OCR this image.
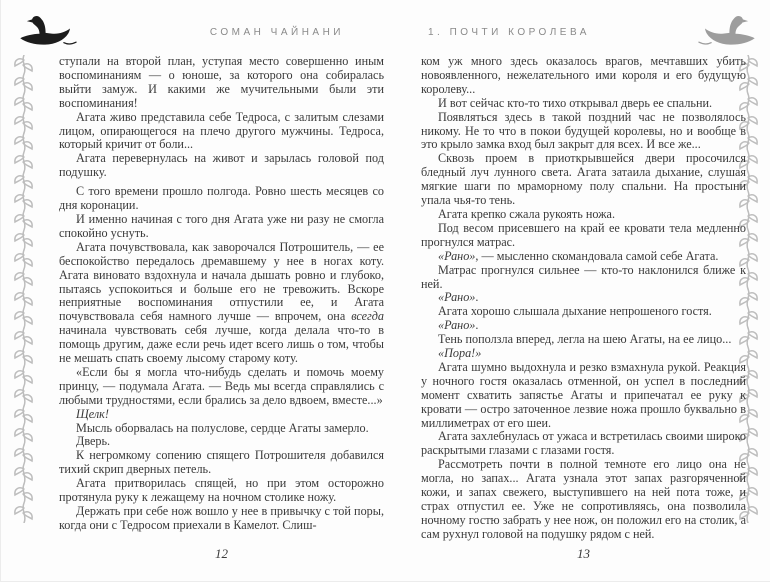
СОМАН ЧАЙНАНИ

ступали на второй план, уступая место совершенно иным воспоминаниям — о юноше, за которого она собиралась выйти замуж. И какими же мучительными были эти воспоминания!

Агата живо представила себе Тедроса, с залитым слезами лицом, опирающегося на плечо другого мужчины. Тедроса, который кричит от боли...

Агата перевернулась на живот и зарылась головой под подушку.

С того времени прошло полгода. Ровно шесть месяцев со дня коронации.

И именно начиная с того дня Агата уже ни разу не смогла спокойно уснуть.

Агата почувствовала, как заворочался Потрошитель, — ее беспокойство передалось дремавшему у нее в ногах коту. Агата виновато вздохнула и начала дышать ровно и глубоко, пытаясь успокоиться и больше его не тревожить. Вскоре неприятные воспоминания отпустили ее, и Агата почувствовала себя намного лучше — впрочем, она всегда начинала чувствовать себя лучше, когда делала что-то в помощь другим, даже если речь идет всего лишь о том, чтобы не мешать спать своему лысому старому коту.

«Если бы я могла что-нибудь сделать и помочь моему принцу, — подумала Агата. — Ведь мы всегда справлялись с любыми трудностями, если брались за дело вдвоем, вместе...»

Щелк!

Мысль оборвалась на полуслове, сердце Агаты замерло.

Дверь.

К негромкому сопению спящего Потрошителя добавился тихий скрип дверных петель.

Агата притворилась спящей, но при этом осторожно протянула руку к лежащему на ночном столике ножу.

Держать при себе нож вошло у нее в привычку с той поры, когда они с Тедросом приехали в Камелот. Слиш-

12
1. ПОЧТИ КОРОЛЕВА

ком уж много здесь оказалось врагов, мечтавших убить новоявленного, нежелательного ими короля и его будущую королеву...

И вот сейчас кто-то тихо открывал дверь ее спальни.

Появляться здесь в такой поздний час не позволялось никому. Не то что в покои будущей королевы, но и вообще в это крыло замка вход был закрыт для всех. И все же...

Сквозь проем в приоткрывшейся двери просочился бледный луч лунного света. Агата затаила дыхание, слушая мягкие шаги по мраморному полу спальни. На простыни упала чья-то тень.

Агата крепко сжала рукоять ножа.

Под весом присевшего на край ее кровати тела медленно прогнулся матрас.

«Рано», — мысленно скомандовала самой себе Агата.

Матрас прогнулся сильнее — кто-то наклонился ближе к ней.

«Рано».

Агата хорошо слышала дыхание непрошеного гостя.

«Рано».

Тень поползла вперед, легла на шею Агаты, на ее лицо...

«Пора!»

Агата шумно выдохнула и резко взмахнула рукой. Реакция у ночного гостя оказалась отменной, он успел в последний момент схватить запястье Агаты и припечатал ее руку к кровати — остро заточенное лезвие ножа прошло буквально в миллиметрах от его шеи.

Агата захлебнулась от ужаса и встретилась своими широко раскрытыми глазами с глазами гостя.

Рассмотреть почти в полной темноте его лицо она не могла, но запах... Агата узнала этот запах разгоряченной кожи, и запах свежего, выступившего на ней пота тоже, и страх отпустил ее. Уже не сопротивляясь, она позволила ночному гостю забрать у нее нож, он положил его на столик, а сам рухнул головой на подушку рядом с ней.

13
